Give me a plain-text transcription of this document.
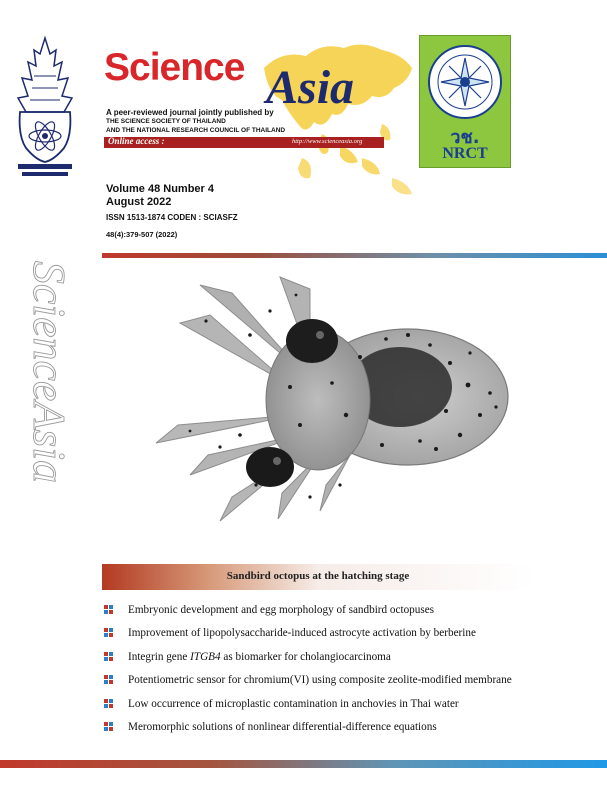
วช.
NRCT
Science Asia
A peer-reviewed journal jointly published by
THE SCIENCE SOCIETY OF THAILAND
AND THE NATIONAL RESEARCH COUNCIL OF THAILAND
Online access :	http://www.scienceasia.org
Volume 48 Number 4
August 2022
ISSN 1513-1874 CODEN : SCIASFZ
48(4):379-507 (2022)
ScienceAsia
Sandbird octopus at the hatching stage
Embryonic development and egg morphology of sandbird octopuses
Improvement of lipopolysaccharide-induced astrocyte activation by berberine
Integrin gene ITGB4 as biomarker for cholangiocarcinoma
Potentiometric sensor for chromium(VI) using composite zeolite-modified membrane
Low occurrence of microplastic contamination in anchovies in Thai water
Meromorphic solutions of nonlinear differential-difference equations
